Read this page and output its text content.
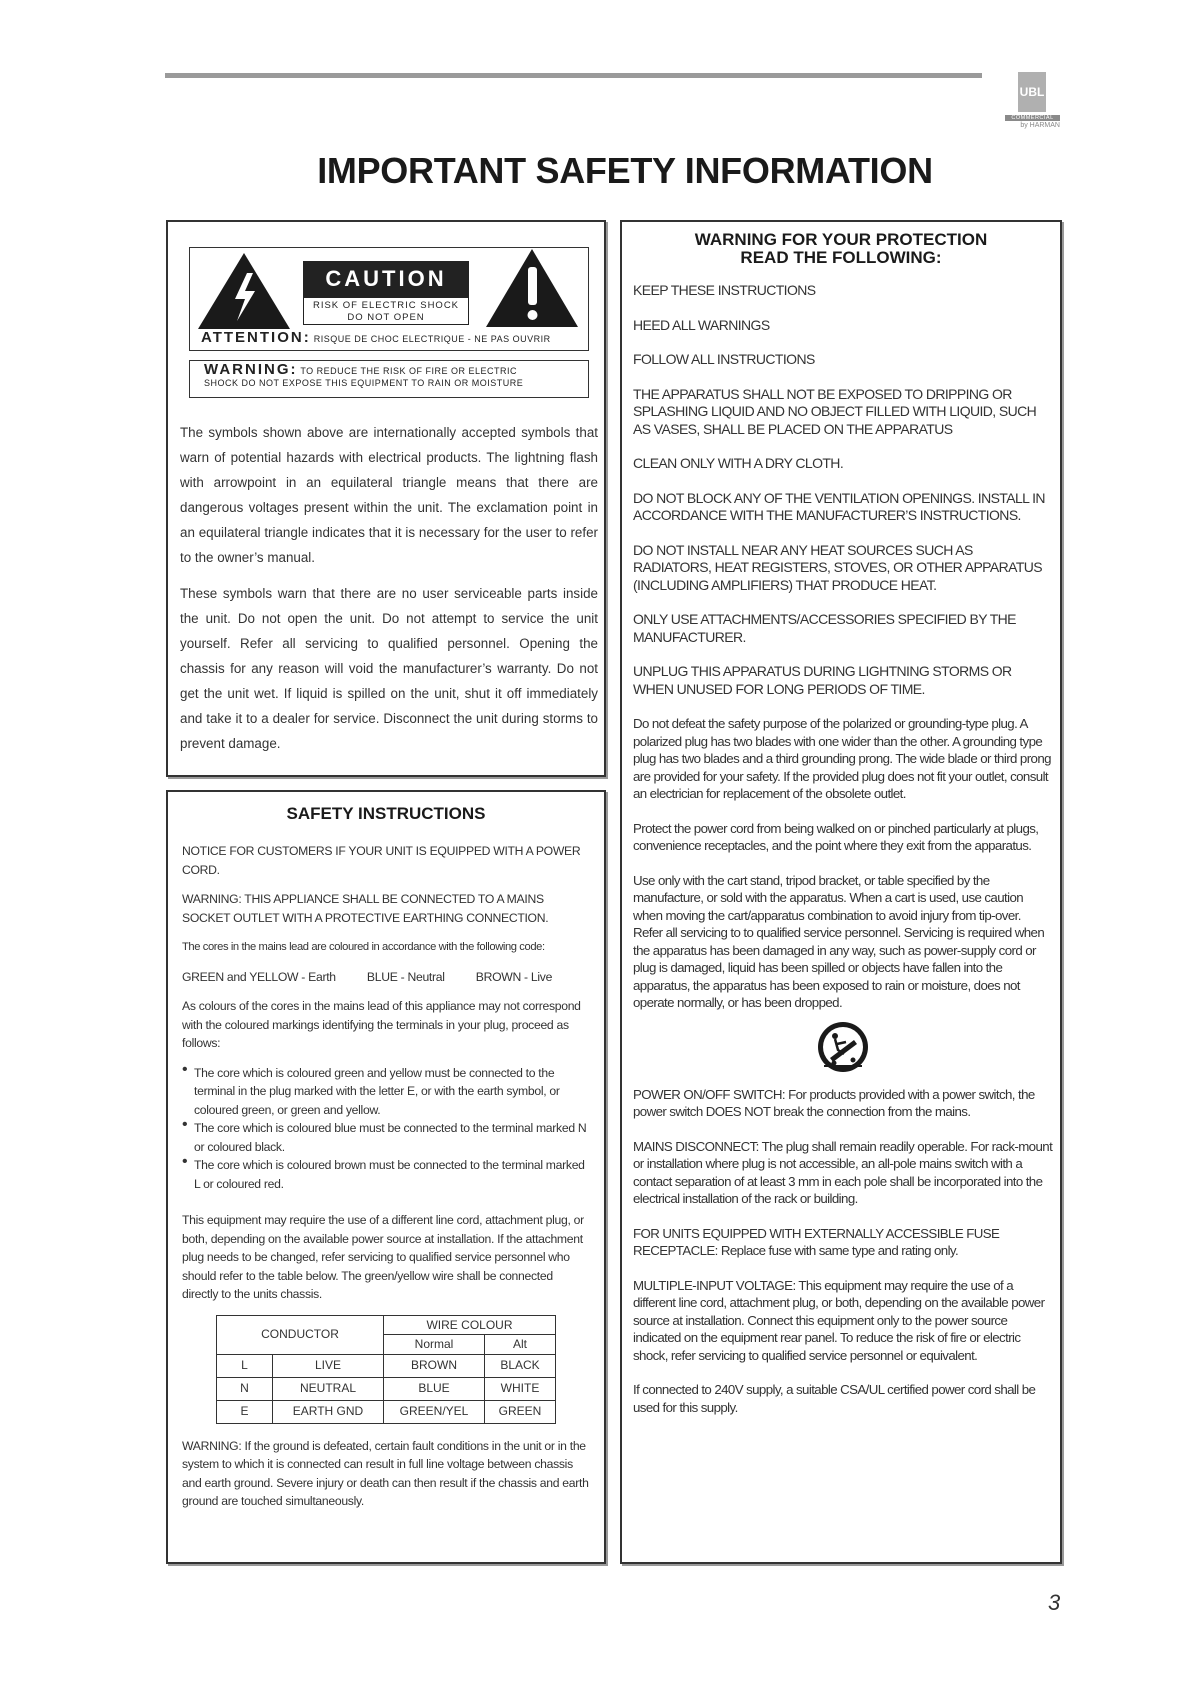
UBL
COMMERCIAL
by HARMAN
IMPORTANT SAFETY INFORMATION
CAUTION
RISK OF ELECTRIC SHOCK
DO NOT OPEN
ATTENTION: RISQUE DE CHOC ELECTRIQUE - NE PAS OUVRIR
WARNING: TO REDUCE THE RISK OF FIRE OR ELECTRIC
SHOCK DO NOT EXPOSE THIS EQUIPMENT TO RAIN OR MOISTURE
The symbols shown above are internationally accepted symbols that warn of potential hazards with electrical products. The lightning flash with arrowpoint in an equilateral triangle means that there are dangerous voltages present within the unit. The exclamation point in an equilateral triangle indicates that it is necessary for the user to refer to the owner’s manual.
These symbols warn that there are no user serviceable parts inside the unit. Do not open the unit. Do not attempt to service the unit yourself. Refer all servicing to qualified personnel. Opening the chassis for any reason will void the manufacturer’s warranty. Do not get the unit wet. If liquid is spilled on the unit, shut it off immediately and take it to a dealer for service. Disconnect the unit during storms to prevent damage.
SAFETY INSTRUCTIONS

NOTICE FOR CUSTOMERS IF YOUR UNIT IS EQUIPPED WITH A POWER CORD.

WARNING: THIS APPLIANCE SHALL BE CONNECTED TO A MAINS SOCKET OUTLET WITH A PROTECTIVE EARTHING CONNECTION.

The cores in the mains lead are coloured in accordance with the following code:

GREEN and YELLOW - Earth	BLUE - Neutral	BROWN - Live

As colours of the cores in the mains lead of this appliance may not correspond with the coloured markings identifying the terminals in your plug, proceed as follows:

• The core which is coloured green and yellow must be connected to the terminal in the plug marked with the letter E, or with the earth symbol, or coloured green, or green and yellow.
• The core which is coloured blue must be connected to the terminal marked N or coloured black.
• The core which is coloured brown must be connected to the terminal marked L or coloured red.

This equipment may require the use of a different line cord, attachment plug, or both, depending on the available power source at installation. If the attachment plug needs to be changed, refer servicing to qualified service personnel who should refer to the table below. The green/yellow wire shall be connected directly to the units chassis.

CONDUCTOR		WIRE COLOUR	
		Normal	Alt
L	LIVE	BROWN	BLACK
N	NEUTRAL	BLUE	WHITE
E	EARTH GND	GREEN/YEL	GREEN

WARNING: If the ground is defeated, certain fault conditions in the unit or in the system to which it is connected can result in full line voltage between chassis and earth ground. Severe injury or death can then result if the chassis and earth ground are touched simultaneously.

WARNING FOR YOUR PROTECTION
READ THE FOLLOWING:

KEEP THESE INSTRUCTIONS

HEED ALL WARNINGS

FOLLOW ALL INSTRUCTIONS

THE APPARATUS SHALL NOT BE EXPOSED TO DRIPPING OR SPLASHING LIQUID AND NO OBJECT FILLED WITH LIQUID, SUCH AS VASES, SHALL BE PLACED ON THE APPARATUS

CLEAN ONLY WITH A DRY CLOTH.

DO NOT BLOCK ANY OF THE VENTILATION OPENINGS. INSTALL IN ACCORDANCE WITH THE MANUFACTURER’S INSTRUCTIONS.

DO NOT INSTALL NEAR ANY HEAT SOURCES SUCH AS RADIATORS, HEAT REGISTERS, STOVES, OR OTHER APPARATUS (INCLUDING AMPLIFIERS) THAT PRODUCE HEAT.

ONLY USE ATTACHMENTS/ACCESSORIES SPECIFIED BY THE MANUFACTURER.

UNPLUG THIS APPARATUS DURING LIGHTNING STORMS OR WHEN UNUSED FOR LONG PERIODS OF TIME.

Do not defeat the safety purpose of the polarized or grounding-type plug. A polarized plug has two blades with one wider than the other. A grounding type plug has two blades and a third grounding prong. The wide blade or third prong are provided for your safety. If the provided plug does not fit your outlet, consult an electrician for replacement of the obsolete outlet.

Protect the power cord from being walked on or pinched particularly at plugs, convenience receptacles, and the point where they exit from the apparatus.

Use only with the cart stand, tripod bracket, or table specified by the manufacture, or sold with the apparatus. When a cart is used, use caution when moving the cart/apparatus combination to avoid injury from tip-over. Refer all servicing to to qualified service personnel. Servicing is required when the apparatus has been damaged in any way, such as power-supply cord or plug is damaged, liquid has been spilled or objects have fallen into the apparatus, the apparatus has been exposed to rain or moisture, does not operate normally, or has been dropped.

POWER ON/OFF SWITCH: For products provided with a power switch, the power switch DOES NOT break the connection from the mains.

MAINS DISCONNECT: The plug shall remain readily operable. For rack-mount or installation where plug is not accessible, an all-pole mains switch with a contact separation of at least 3 mm in each pole shall be incorporated into the electrical installation of the rack or building.

FOR UNITS EQUIPPED WITH EXTERNALLY ACCESSIBLE FUSE RECEPTACLE: Replace fuse with same type and rating only.

MULTIPLE-INPUT VOLTAGE: This equipment may require the use of a different line cord, attachment plug, or both, depending on the available power source at installation. Connect this equipment only to the power source indicated on the equipment rear panel. To reduce the risk of fire or electric shock, refer servicing to qualified service personnel or equivalent.

If connected to 240V supply, a suitable CSA/UL certified power cord shall be used for this supply.

3
